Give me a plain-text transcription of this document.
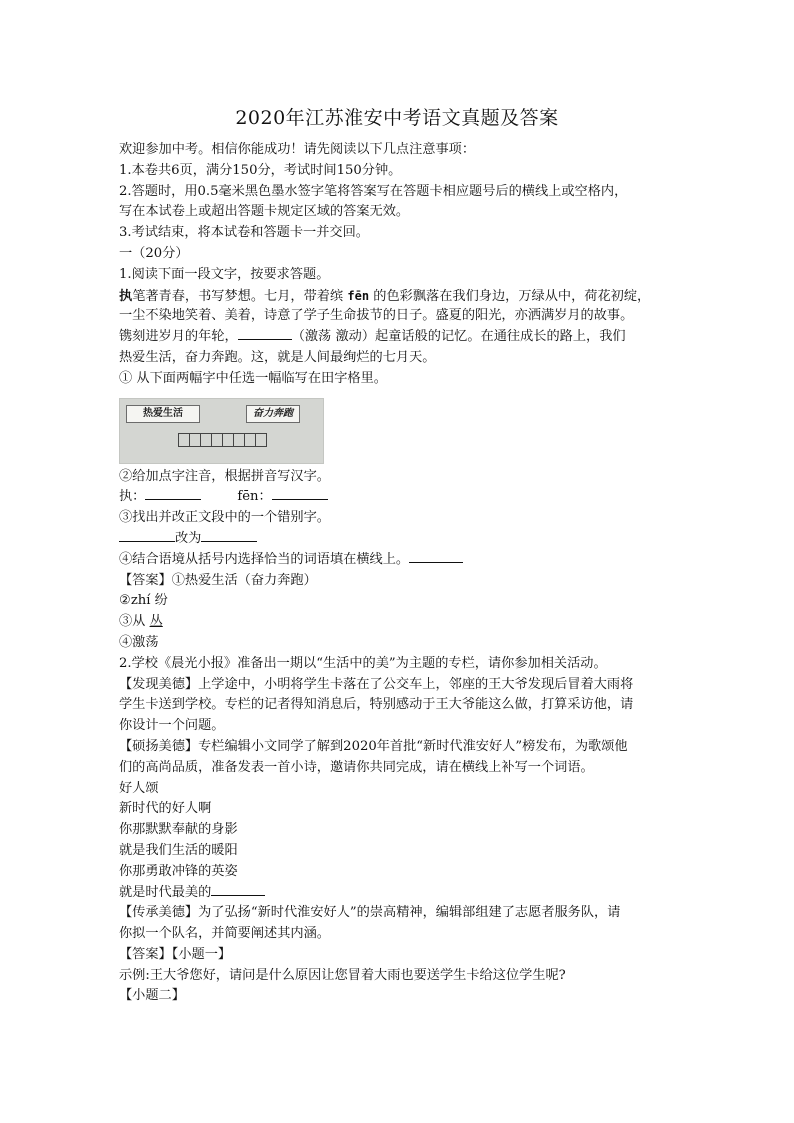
2020年江苏淮安中考语文真题及答案
欢迎参加中考。相信你能成功！请先阅读以下几点注意事项：
1.本卷共6页，满分150分，考试时间150分钟。
2.答题时，用0.5毫米黑色墨水签字笔将答案写在答题卡相应题号后的横线上或空格内，
写在本试卷上或超出答题卡规定区域的答案无效。
3.考试结束，将本试卷和答题卡一并交回。
一（20分）
1.阅读下面一段文字，按要求答题。
执笔著青春，书写梦想。七月，带着缤 fēn 的色彩飘落在我们身边，万绿从中，荷花初绽，
一尘不染地笑着、美着，诗意了学子生命拔节的日子。盛夏的阳光，亦洒满岁月的故事。
镌刻进岁月的年轮，	（激荡 激动）起童话般的记忆。在通往成长的路上，我们
热爱生活，奋力奔跑。这，就是人间最绚烂的七月天。
① 从下面两幅字中任选一幅临写在田字格里。
热爱生活	奋力奔跑
②给加点字注音，根据拼音写汉字。
执：	fēn：
③找出并改正文段中的一个错别字。
改为
④结合语境从括号内选择恰当的词语填在横线上。
【答案】①热爱生活（奋力奔跑）
②zhí 纷
③从 丛
④激荡
2.学校《晨光小报》准备出一期以“生活中的美”为主题的专栏，请你参加相关活动。
【发现美德】上学途中，小明将学生卡落在了公交车上，邻座的王大爷发现后冒着大雨将
学生卡送到学校。专栏的记者得知消息后，特别感动于王大爷能这么做，打算采访他，请
你设计一个问题。
【硕扬美德】专栏编辑小文同学了解到2020年首批“新时代淮安好人”榜发布，为歌颂他
们的高尚品质，准备发表一首小诗，邀请你共同完成，请在横线上补写一个词语。
好人颂
新时代的好人啊
你那默默奉献的身影
就是我们生活的暖阳
你那勇敢冲锋的英姿
就是时代最美的
【传承美德】为了弘扬“新时代淮安好人”的崇高精神，编辑部组建了志愿者服务队，请
你拟一个队名，并简要阐述其内涵。
【答案】【小题一】
示例:王大爷您好，请问是什么原因让您冒着大雨也要送学生卡给这位学生呢?
【小题二】
